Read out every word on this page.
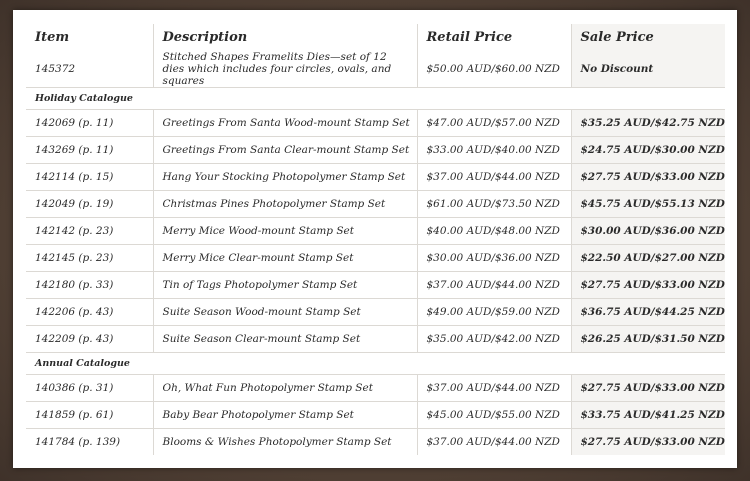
Item	Description	Retail Price	Sale Price
145372	Stitched Shapes Framelits Dies—set of 12 dies which includes four circles, ovals, and squares	$50.00 AUD/$60.00 NZD	No Discount
Holiday Catalogue			
142069 (p. 11)	Greetings From Santa Wood-mount Stamp Set	$47.00 AUD/$57.00 NZD	$35.25 AUD/$42.75 NZD
143269 (p. 11)	Greetings From Santa Clear-mount Stamp Set	$33.00 AUD/$40.00 NZD	$24.75 AUD/$30.00 NZD
142114 (p. 15)	Hang Your Stocking Photopolymer Stamp Set	$37.00 AUD/$44.00 NZD	$27.75 AUD/$33.00 NZD
142049 (p. 19)	Christmas Pines Photopolymer Stamp Set	$61.00 AUD/$73.50 NZD	$45.75 AUD/$55.13 NZD
142142 (p. 23)	Merry Mice Wood-mount Stamp Set	$40.00 AUD/$48.00 NZD	$30.00 AUD/$36.00 NZD
142145 (p. 23)	Merry Mice Clear-mount Stamp Set	$30.00 AUD/$36.00 NZD	$22.50 AUD/$27.00 NZD
142180 (p. 33)	Tin of Tags Photopolymer Stamp Set	$37.00 AUD/$44.00 NZD	$27.75 AUD/$33.00 NZD
142206 (p. 43)	Suite Season Wood-mount Stamp Set	$49.00 AUD/$59.00 NZD	$36.75 AUD/$44.25 NZD
142209 (p. 43)	Suite Season Clear-mount Stamp Set	$35.00 AUD/$42.00 NZD	$26.25 AUD/$31.50 NZD
Annual Catalogue			
140386 (p. 31)	Oh, What Fun Photopolymer Stamp Set	$37.00 AUD/$44.00 NZD	$27.75 AUD/$33.00 NZD
141859 (p. 61)	Baby Bear Photopolymer Stamp Set	$45.00 AUD/$55.00 NZD	$33.75 AUD/$41.25 NZD
141784 (p. 139)	Blooms & Wishes Photopolymer Stamp Set	$37.00 AUD/$44.00 NZD	$27.75 AUD/$33.00 NZD
